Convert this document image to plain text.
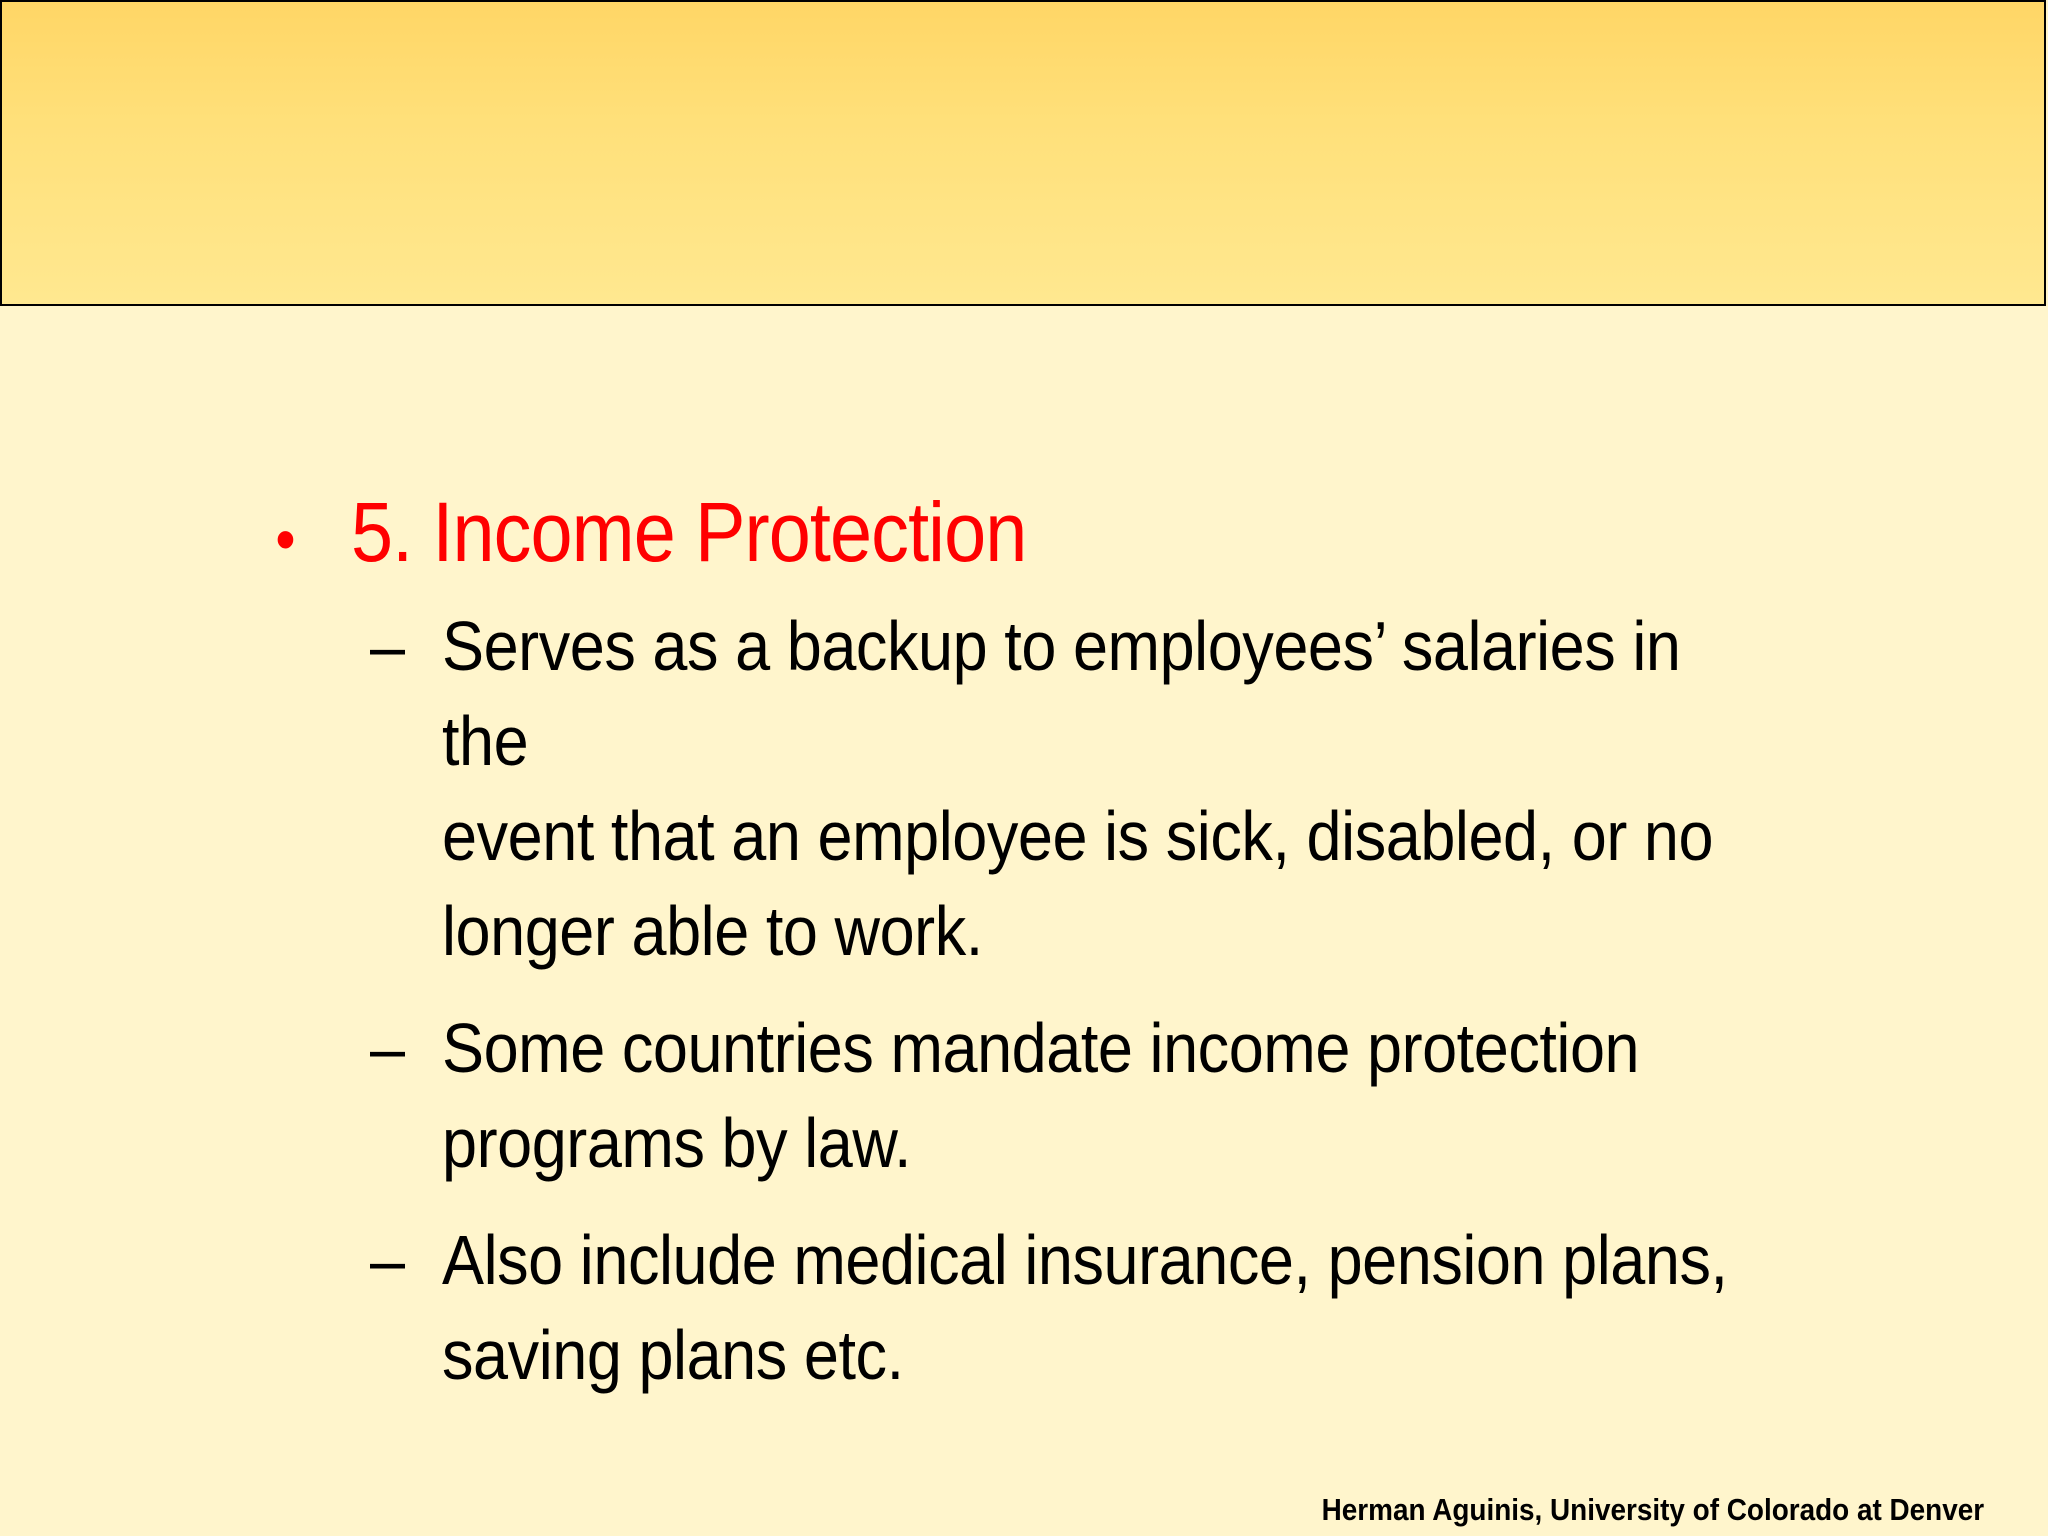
• 5. Income Protection
– Serves as a backup to employees’ salaries in the
event that an employee is sick, disabled, or no
longer able to work.
– Some countries mandate income protection
programs by law.
– Also include medical insurance, pension plans,
saving plans etc.
Herman Aguinis, University of Colorado at Denver
